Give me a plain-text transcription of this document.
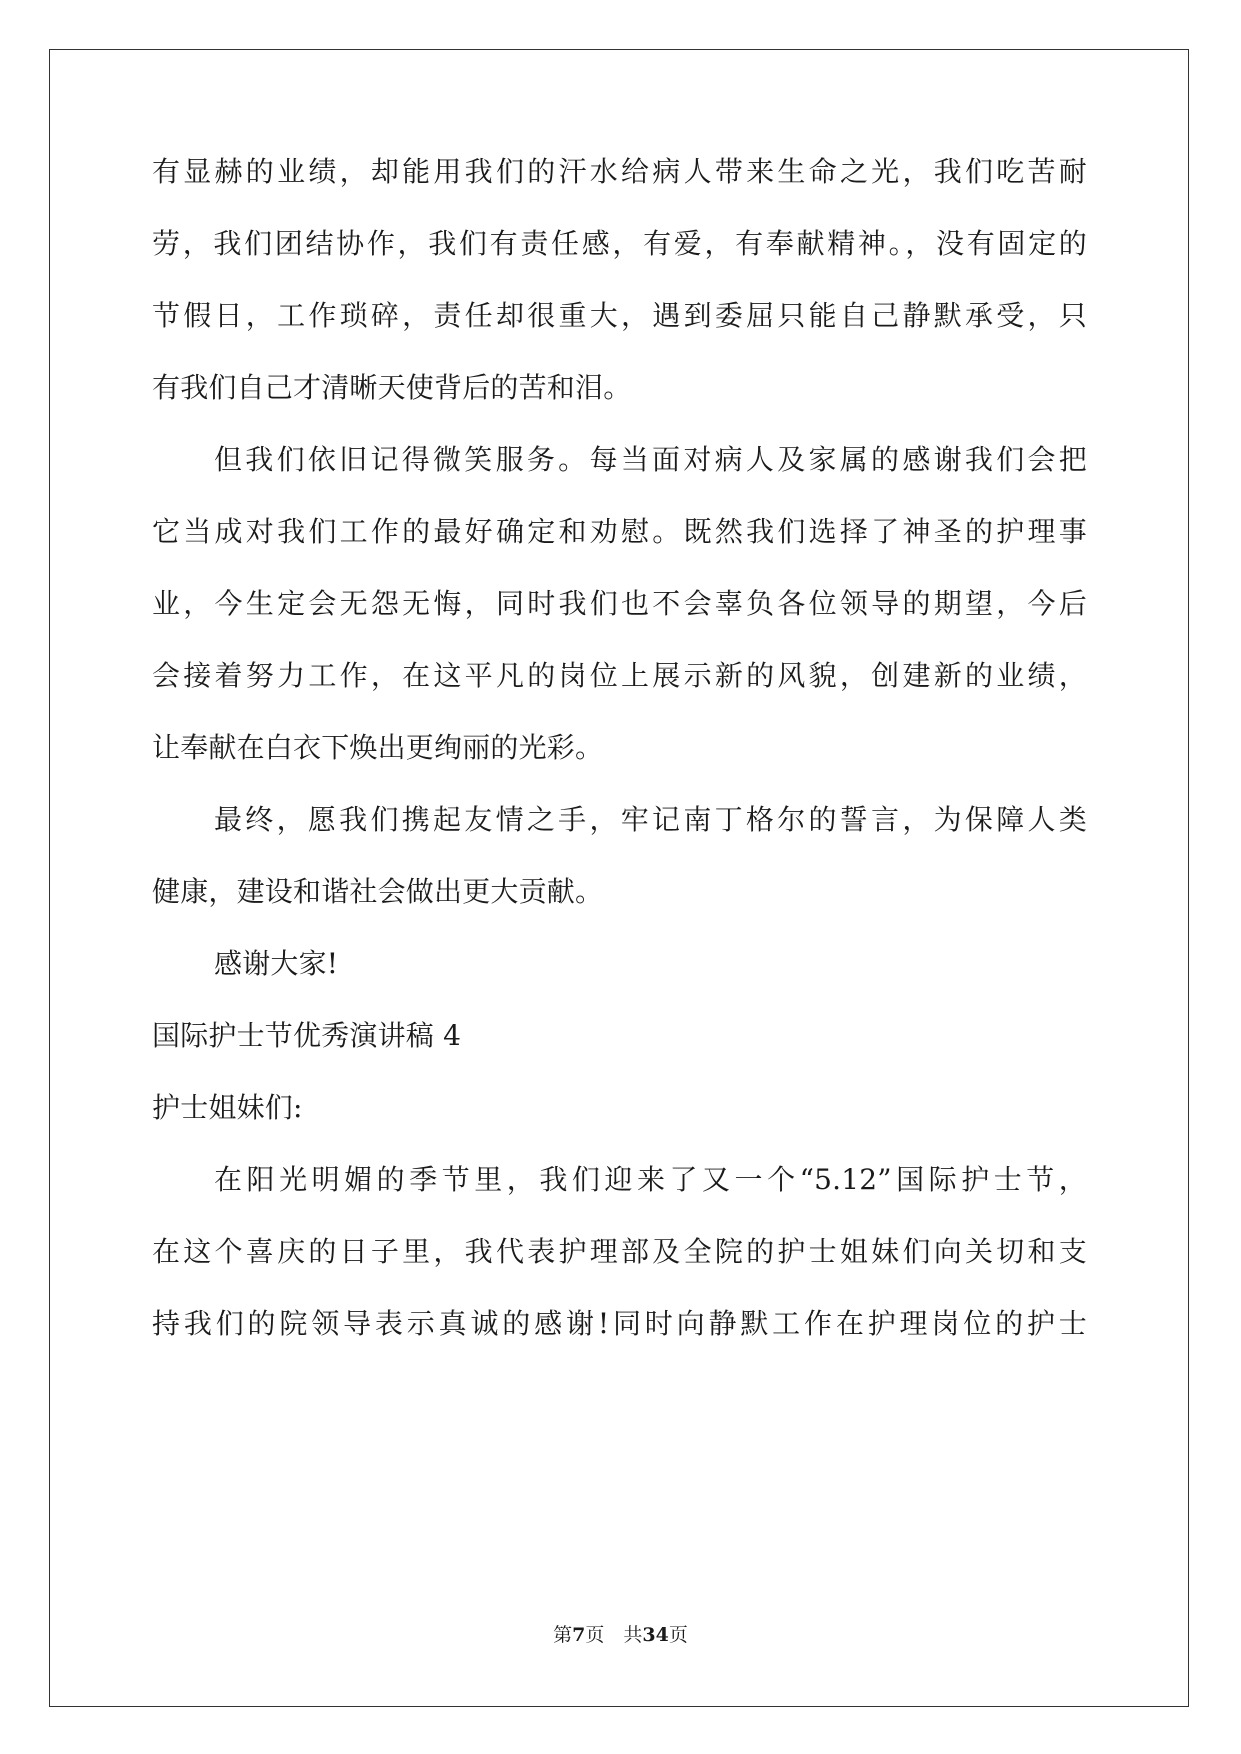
有显赫的业绩，却能用我们的汗水给病人带来生命之光，我们吃苦耐
劳，我们团结协作，我们有责任感，有爱，有奉献精神。，没有固定的
节假日，工作琐碎，责任却很重大，遇到委屈只能自己静默承受，只
有我们自己才清晰天使背后的苦和泪。
但我们依旧记得微笑服务。每当面对病人及家属的感谢我们会把
它当成对我们工作的最好确定和劝慰。既然我们选择了神圣的护理事
业，今生定会无怨无悔，同时我们也不会辜负各位领导的期望，今后
会接着努力工作，在这平凡的岗位上展示新的风貌，创建新的业绩，
让奉献在白衣下焕出更绚丽的光彩。
最终，愿我们携起友情之手，牢记南丁格尔的誓言，为保障人类
健康，建设和谐社会做出更大贡献。
感谢大家!
国际护士节优秀演讲稿 4
护士姐妹们:
在阳光明媚的季节里，我们迎来了又一个“5.12”国际护士节，
在这个喜庆的日子里，我代表护理部及全院的护士姐妹们向关切和支
持我们的院领导表示真诚的感谢!同时向静默工作在护理岗位的护士
第7页　共34页
